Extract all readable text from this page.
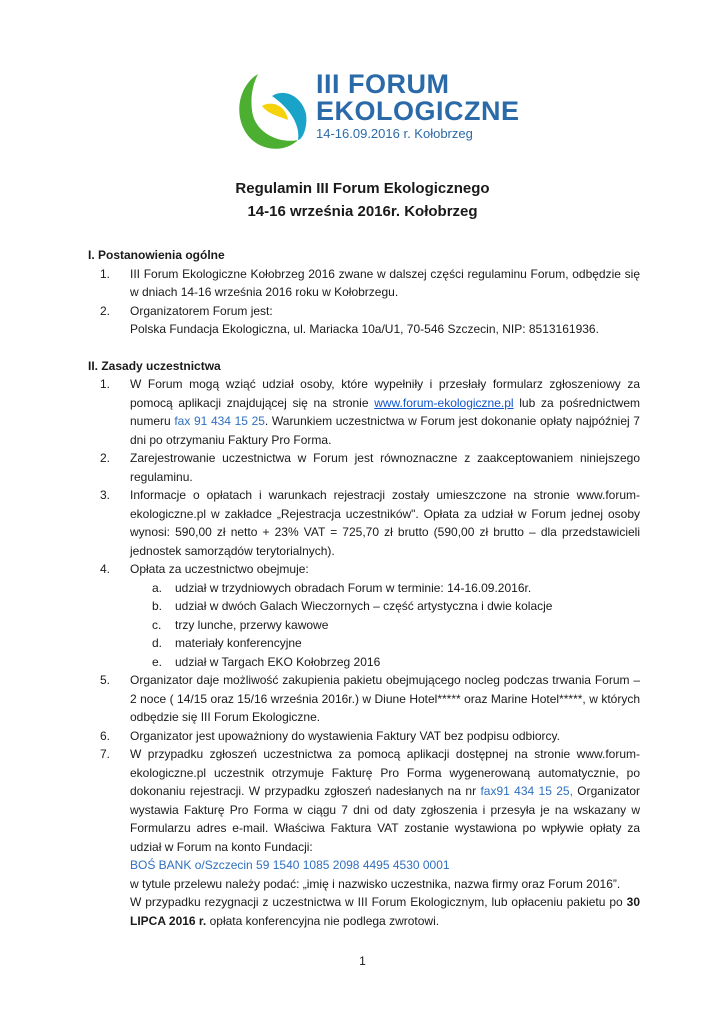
III FORUM
EKOLOGICZNE
14-16.09.2016 r. Kołobrzeg
Regulamin III Forum Ekologicznego
14-16 września 2016r. Kołobrzeg

I. Postanowienia ogólne

1. III Forum Ekologiczne Kołobrzeg 2016 zwane w dalszej części regulaminu Forum, odbędzie się w dniach 14-16 września 2016 roku w Kołobrzegu.
2. Organizatorem Forum jest:
Polska Fundacja Ekologiczna, ul. Mariacka 10a/U1, 70-546 Szczecin, NIP: 8513161936.

II. Zasady uczestnictwa

1. W Forum mogą wziąć udział osoby, które wypełniły i przesłały formularz zgłoszeniowy za pomocą aplikacji znajdującej się na stronie www.forum-ekologiczne.pl lub za pośrednictwem numeru fax 91 434 15 25. Warunkiem uczestnictwa w Forum jest dokonanie opłaty najpóźniej 7 dni po otrzymaniu Faktury Pro Forma.
2. Zarejestrowanie uczestnictwa w Forum jest równoznaczne z zaakceptowaniem niniejszego regulaminu.
3. Informacje o opłatach i warunkach rejestracji zostały umieszczone na stronie www.forum-ekologiczne.pl w zakładce „Rejestracja uczestników". Opłata za udział w Forum jednej osoby wynosi: 590,00 zł netto + 23% VAT = 725,70 zł brutto (590,00 zł brutto – dla przedstawicieli jednostek samorządów terytorialnych).
4. Opłata za uczestnictwo obejmuje:
a. udział w trzydniowych obradach Forum w terminie: 14-16.09.2016r.
b. udział w dwóch Galach Wieczornych – część artystyczna i dwie kolacje
c. trzy lunche, przerwy kawowe
d. materiały konferencyjne
e. udział w Targach EKO Kołobrzeg 2016
5. Organizator daje możliwość zakupienia pakietu obejmującego nocleg podczas trwania Forum – 2 noce ( 14/15 oraz 15/16 września 2016r.) w Diune Hotel***** oraz Marine Hotel*****, w których odbędzie się III Forum Ekologiczne.
6. Organizator jest upoważniony do wystawienia Faktury VAT bez podpisu odbiorcy.
7. W przypadku zgłoszeń uczestnictwa za pomocą aplikacji dostępnej na stronie www.forum-ekologiczne.pl uczestnik otrzymuje Fakturę Pro Forma wygenerowaną automatycznie, po dokonaniu rejestracji. W przypadku zgłoszeń nadesłanych na nr fax91 434 15 25, Organizator wystawia Fakturę Pro Forma w ciągu 7 dni od daty zgłoszenia i przesyła je na wskazany w Formularzu adres e-mail. Właściwa Faktura VAT zostanie wystawiona po wpływie opłaty za udział w Forum na konto Fundacji:
BOŚ BANK o/Szczecin 59 1540 1085 2098 4495 4530 0001
w tytule przelewu należy podać: „imię i nazwisko uczestnika, nazwa firmy oraz Forum 2016”.
W przypadku rezygnacji z uczestnictwa w III Forum Ekologicznym, lub opłaceniu pakietu po 30 LIPCA 2016 r. opłata konferencyjna nie podlega zwrotowi.
1
